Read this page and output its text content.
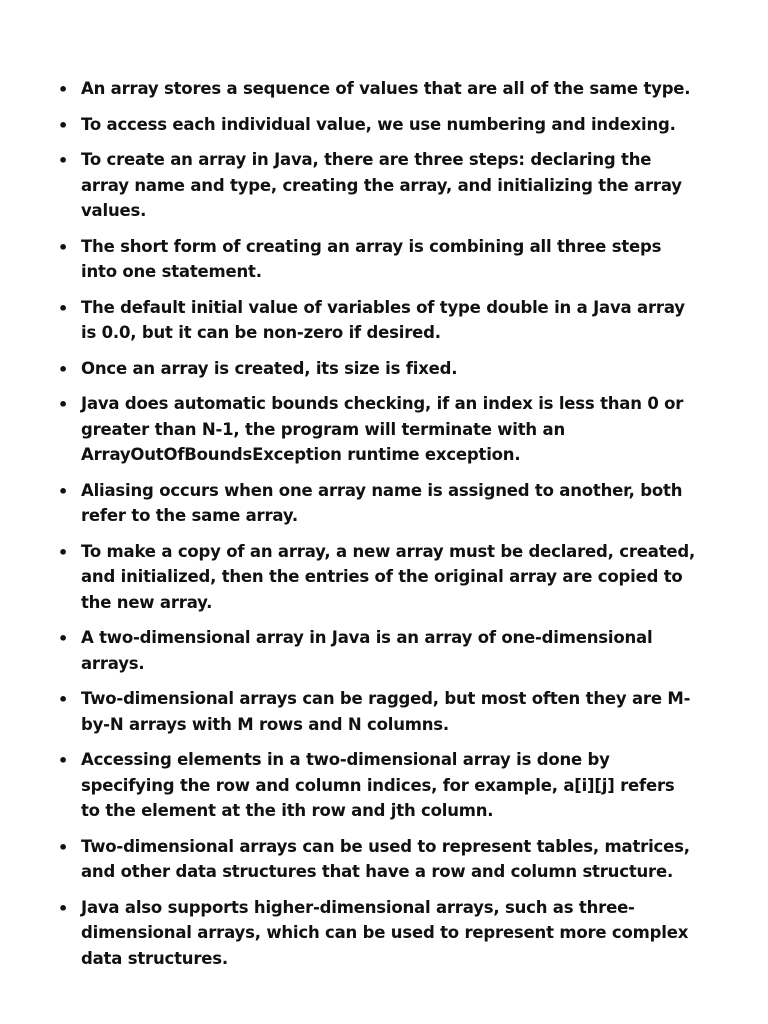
• An array stores a sequence of values that are all of the same type.
• To access each individual value, we use numbering and indexing.
• To create an array in Java, there are three steps: declaring the array name and type, creating the array, and initializing the array values.
• The short form of creating an array is combining all three steps into one statement.
• The default initial value of variables of type double in a Java array is 0.0, but it can be non-zero if desired.
• Once an array is created, its size is fixed.
• Java does automatic bounds checking, if an index is less than 0 or greater than N-1, the program will terminate with an ArrayOutOfBoundsException runtime exception.
• Aliasing occurs when one array name is assigned to another, both refer to the same array.
• To make a copy of an array, a new array must be declared, created, and initialized, then the entries of the original array are copied to the new array.
• A two-dimensional array in Java is an array of one-dimensional arrays.
• Two-dimensional arrays can be ragged, but most often they are M-by-N arrays with M rows and N columns.
• Accessing elements in a two-dimensional array is done by specifying the row and column indices, for example, a[i][j] refers to the element at the ith row and jth column.
• Two-dimensional arrays can be used to represent tables, matrices, and other data structures that have a row and column structure.
• Java also supports higher-dimensional arrays, such as three-dimensional arrays, which can be used to represent more complex data structures.
